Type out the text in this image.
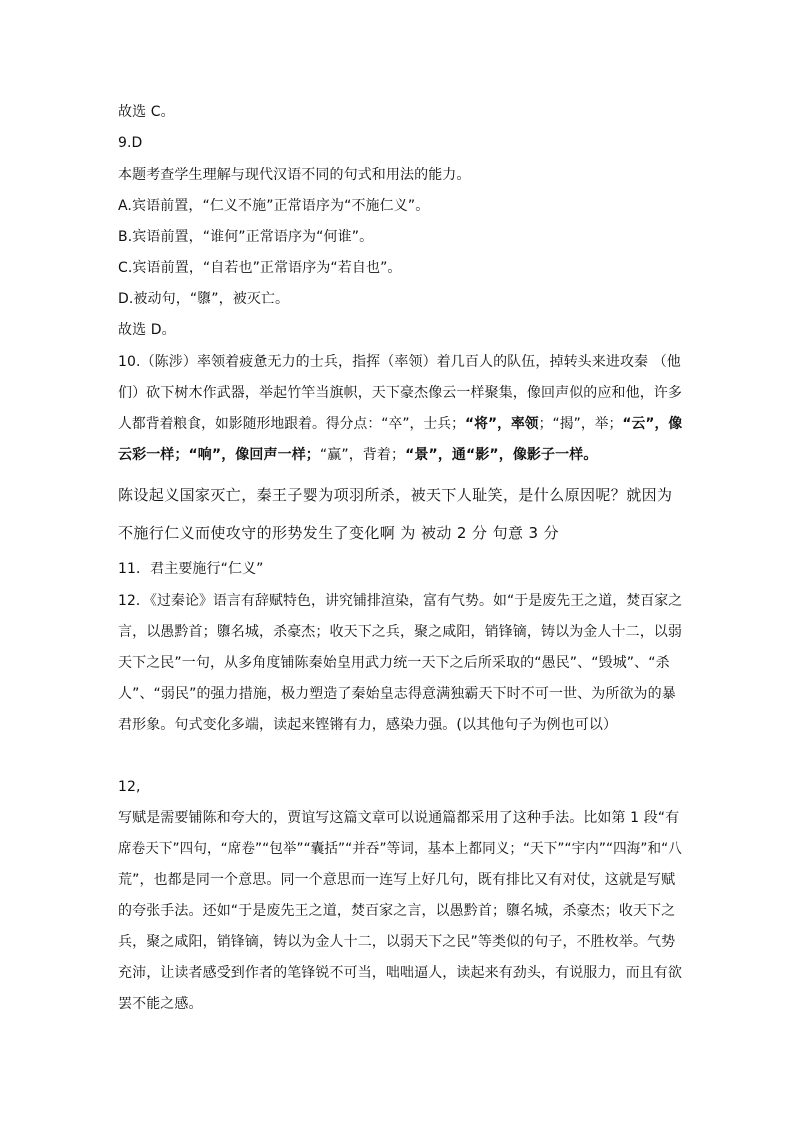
故选 C。
9.D
本题考查学生理解与现代汉语不同的句式和用法的能力。
A.宾语前置，“仁义不施”正常语序为“不施仁义”。
B.宾语前置，“谁何”正常语序为“何谁”。
C.宾语前置，“自若也”正常语序为“若自也”。
D.被动句，“隳”，被灭亡。
故选 D。
10.（陈涉）率领着疲惫无力的士兵，指挥（率领）着几百人的队伍，掉转头来进攻秦 （他
们）砍下树木作武器，举起竹竿当旗帜，天下豪杰像云一样聚集，像回声似的应和他，许多
人都背着粮食，如影随形地跟着。得分点：“卒”，士兵；“将”，率领；“揭”，举；“云”，像
云彩一样；“响”，像回声一样；“赢”，背着；“景”，通“影”，像影子一样。
陈设起义国家灭亡，秦王子婴为项羽所杀，被天下人耻笑，是什么原因呢？就因为
不施行仁义而使攻守的形势发生了变化啊 为 被动 2 分 句意 3 分
11．君主要施行“仁义”
12．《过秦论》语言有辞赋特色，讲究铺排渲染，富有气势。如“于是废先王之道，焚百家之
言，以愚黔首；隳名城，杀豪杰；收天下之兵，聚之咸阳，销锋镝，铸以为金人十二，以弱
天下之民”一句，从多角度铺陈秦始皇用武力统一天下之后所采取的“愚民”、“毁城”、“杀
人”、“弱民”的强力措施，极力塑造了秦始皇志得意满独霸天下时不可一世、为所欲为的暴
君形象。句式变化多端，读起来铿锵有力，感染力强。(以其他句子为例也可以）
12,
写赋是需要铺陈和夸大的，贾谊写这篇文章可以说通篇都采用了这种手法。比如第 1 段“有
席卷天下”四句，“席卷”“包举”“囊括”“并吞”等词，基本上都同义；“天下”“宇内”“四海”和“八
荒”，也都是同一个意思。同一个意思而一连写上好几句，既有排比又有对仗，这就是写赋
的夸张手法。还如“于是废先王之道，焚百家之言，以愚黔首；隳名城，杀豪杰；收天下之
兵，聚之咸阳，销锋镝，铸以为金人十二，以弱天下之民”等类似的句子，不胜枚举。气势
充沛，让读者感受到作者的笔锋锐不可当，咄咄逼人，读起来有劲头，有说服力，而且有欲
罢不能之感。
